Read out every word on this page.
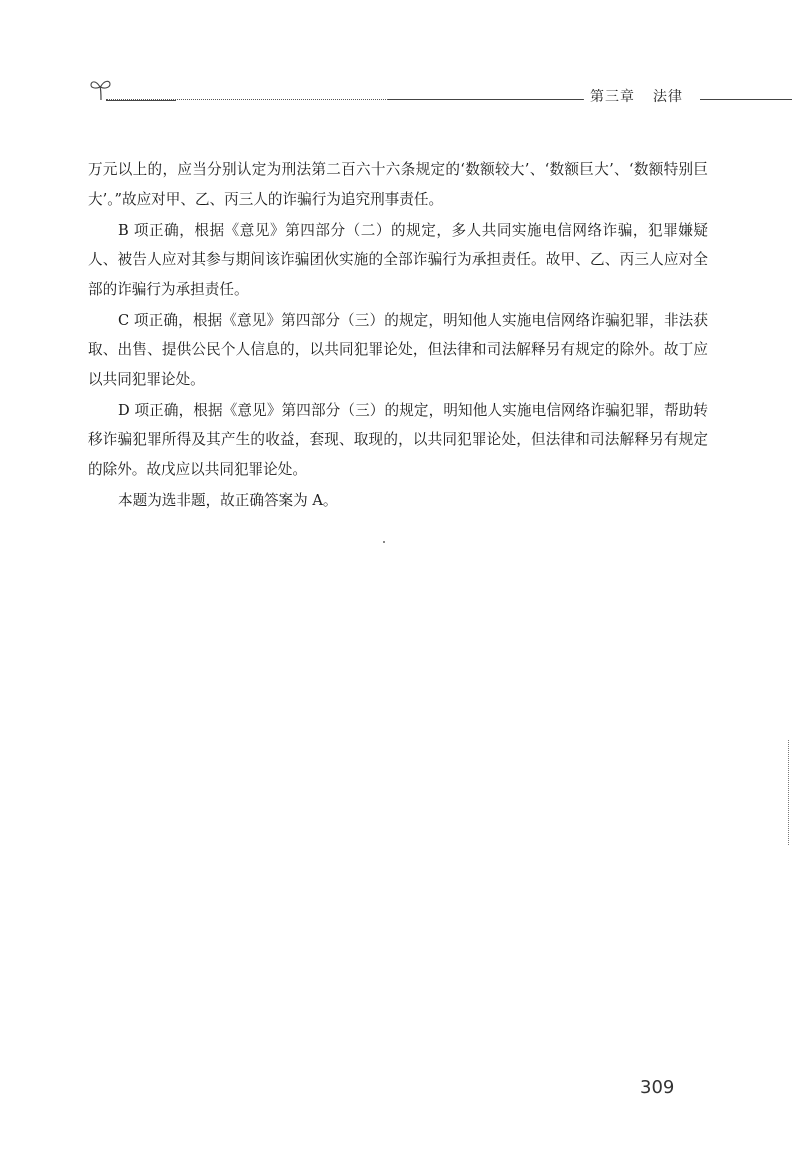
第三章 法律

万元以上的，应当分别认定为刑法第二百六十六条规定的‘数额较大’、‘数额巨大’、‘数额特别巨大’。”故应对甲、乙、丙三人的诈骗行为追究刑事责任。

B 项正确，根据《意见》第四部分（二）的规定，多人共同实施电信网络诈骗，犯罪嫌疑人、被告人应对其参与期间该诈骗团伙实施的全部诈骗行为承担责任。故甲、乙、丙三人应对全部的诈骗行为承担责任。

C 项正确，根据《意见》第四部分（三）的规定，明知他人实施电信网络诈骗犯罪，非法获取、出售、提供公民个人信息的，以共同犯罪论处，但法律和司法解释另有规定的除外。故丁应以共同犯罪论处。

D 项正确，根据《意见》第四部分（三）的规定，明知他人实施电信网络诈骗犯罪，帮助转移诈骗犯罪所得及其产生的收益，套现、取现的，以共同犯罪论处，但法律和司法解释另有规定的除外。故戊应以共同犯罪论处。

本题为选非题，故正确答案为 A。

309
